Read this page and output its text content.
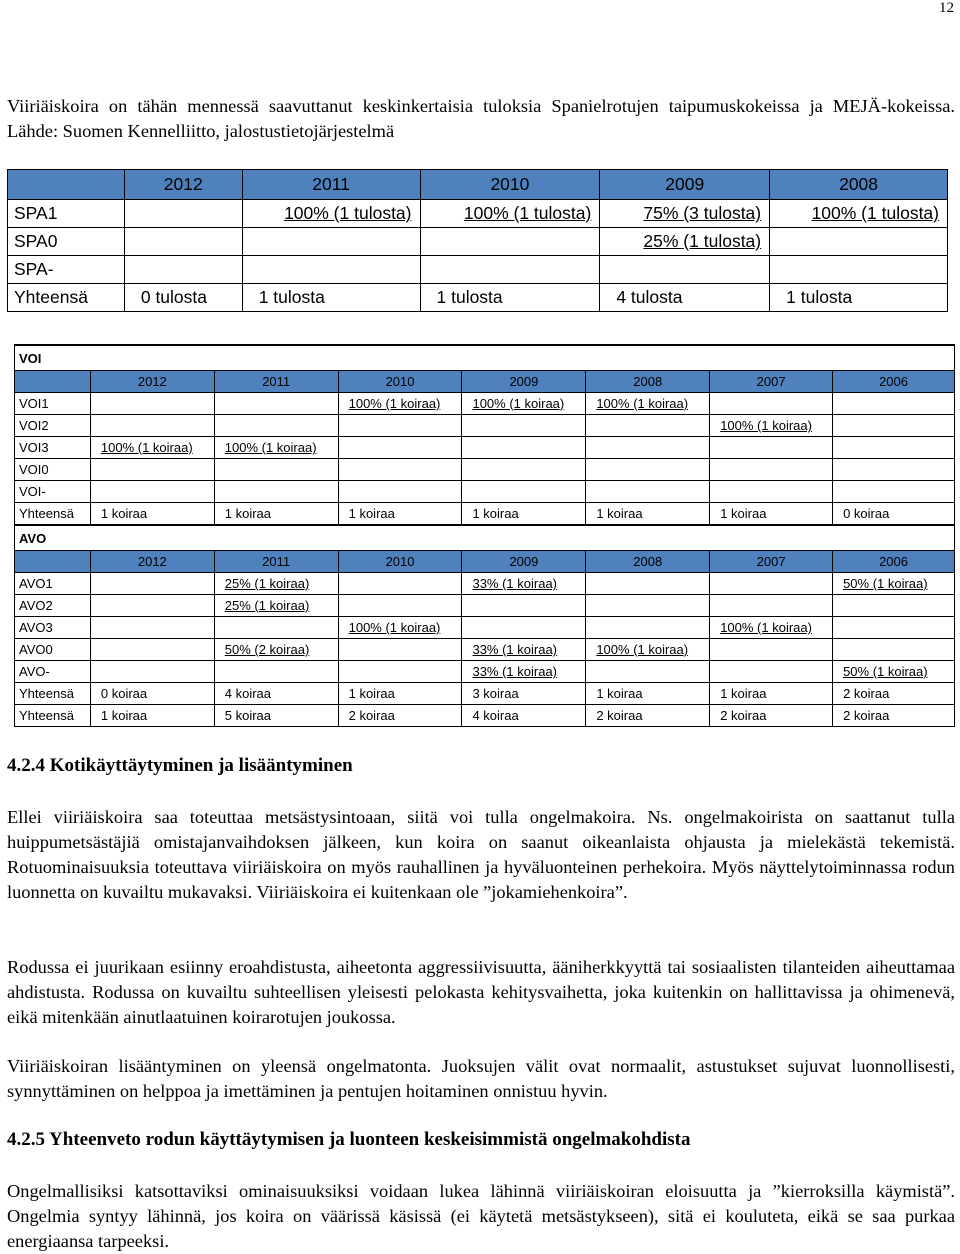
12

Viiriäiskoira on tähän mennessä saavuttanut keskinkertaisia tuloksia Spanielrotujen taipumuskokeissa ja MEJÄ-kokeissa. Lähde: Suomen Kennelliitto, jalostustietojärjestelmä

	2012	2011	2010	2009	2008
SPA1		100% (1 tulosta)	100% (1 tulosta)	75% (3 tulosta)	100% (1 tulosta)
SPA0				25% (1 tulosta)	
SPA-					
Yhteensä	0 tulosta	1 tulosta	1 tulosta	4 tulosta	1 tulosta
VOI							
	2012	2011	2010	2009	2008	2007	2006
VOI1			100% (1 koiraa)	100% (1 koiraa)	100% (1 koiraa)		
VOI2						100% (1 koiraa)	
VOI3	100% (1 koiraa)	100% (1 koiraa)					
VOI0							
VOI-							
Yhteensä	1 koiraa	1 koiraa	1 koiraa	1 koiraa	1 koiraa	1 koiraa	0 koiraa
AVO							
	2012	2011	2010	2009	2008	2007	2006
AVO1		25% (1 koiraa)		33% (1 koiraa)			50% (1 koiraa)
AVO2		25% (1 koiraa)					
AVO3			100% (1 koiraa)			100% (1 koiraa)	
AVO0		50% (2 koiraa)		33% (1 koiraa)	100% (1 koiraa)		
AVO-				33% (1 koiraa)			50% (1 koiraa)
Yhteensä	0 koiraa	4 koiraa	1 koiraa	3 koiraa	1 koiraa	1 koiraa	2 koiraa
Yhteensä	1 koiraa	5 koiraa	2 koiraa	4 koiraa	2 koiraa	2 koiraa	2 koiraa
4.2.4 Kotikäyttäytyminen ja lisääntyminen

Ellei viiriäiskoira saa toteuttaa metsästysintoaan, siitä voi tulla ongelmakoira. Ns. ongelmakoirista on saattanut tulla huippumetsästäjiä omistajanvaihdoksen jälkeen, kun koira on saanut oikeanlaista ohjausta ja mielekästä tekemistä. Rotuominaisuuksia toteuttava viiriäiskoira on myös rauhallinen ja hyväluonteinen perhekoira. Myös näyttelytoiminnassa rodun luonnetta on kuvailtu mukavaksi. Viiriäiskoira ei kuitenkaan ole ”jokamiehenkoira”.

Rodussa ei juurikaan esiinny eroahdistusta, aiheetonta aggressiivisuutta, ääniherkkyyttä tai sosiaalisten tilanteiden aiheuttamaa ahdistusta. Rodussa on kuvailtu suhteellisen yleisesti pelokasta kehitysvaihetta, joka kuitenkin on hallittavissa ja ohimenevä, eikä mitenkään ainutlaatuinen koirarotujen joukossa.

Viiriäiskoiran lisääntyminen on yleensä ongelmatonta. Juoksujen välit ovat normaalit, astustukset sujuvat luonnollisesti, synnyttäminen on helppoa ja imettäminen ja pentujen hoitaminen onnistuu hyvin.

4.2.5 Yhteenveto rodun käyttäytymisen ja luonteen keskeisimmistä ongelmakohdista

Ongelmallisiksi katsottaviksi ominaisuuksiksi voidaan lukea lähinnä viiriäiskoiran eloisuutta ja ”kierroksilla käymistä”. Ongelmia syntyy lähinnä, jos koira on väärissä käsissä (ei käytetä metsästykseen), sitä ei kouluteta, eikä se saa purkaa energiaansa tarpeeksi.
